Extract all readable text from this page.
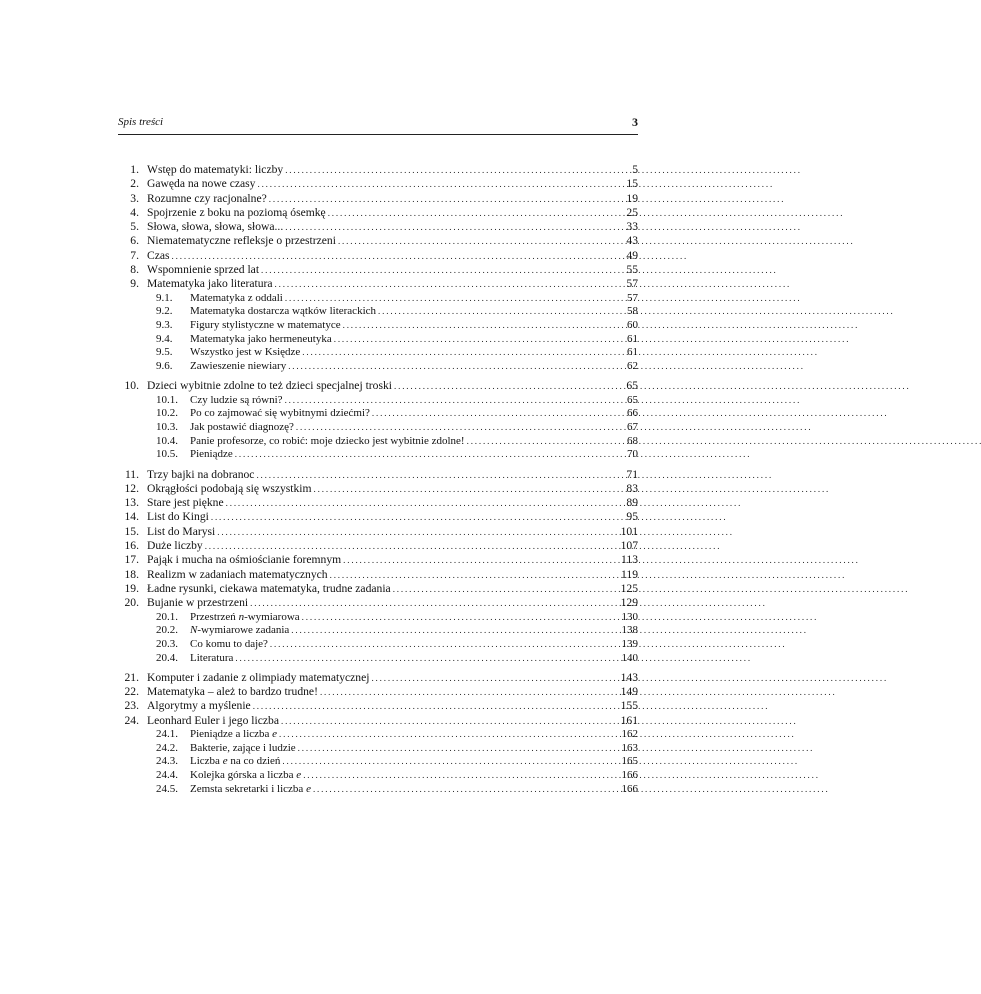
Spis treści	3
1. Wstęp do matematyki: liczby . . .	5
2. Gawęda na nowe czasy . . .	15
3. Rozumne czy racjonalne? . . .	19
4. Spojrzenie z boku na poziomą ósemkę . . .	25
5. Słowa, słowa, słowa, słowa... . . .	33
6. Niematematyczne refleksje o przestrzeni . . .	43
7. Czas . . .	49
8. Wspomnienie sprzed lat . . .	55
9. Matematyka jako literatura . . .	57
9.1.	Matematyka z oddali . . .	57
9.2.	Matematyka dostarcza wątków literackich . . .	58
9.3.	Figury stylistyczne w matematyce . . .	60
9.4.	Matematyka jako hermeneutyka . . .	61
9.5.	Wszystko jest w Księdze . . .	61
9.6.	Zawieszenie niewiary . . .	62
10. Dzieci wybitnie zdolne to też dzieci specjalnej troski . . .	65
10.1.	Czy ludzie są równi? . . .	65
10.2.	Po co zajmować się wybitnymi dziećmi? . . .	66
10.3.	Jak postawić diagnozę? . . .	67
10.4.	Panie profesorze, co robić: moje dziecko jest wybitnie zdolne! . . .	68
10.5.	Pieniądze . . .	70
11. Trzy bajki na dobranoc . . .	71
12. Okrągłości podobają się wszystkim . . .	83
13. Stare jest piękne . . .	89
14. List do Kingi . . .	95
15. List do Marysi . . .	101
16. Duże liczby . . .	107
17. Pająk i mucha na ośmiościanie foremnym . . .	113
18. Realizm w zadaniach matematycznych . . .	119
19. Ładne rysunki, ciekawa matematyka, trudne zadania . . .	125
20. Bujanie w przestrzeni . . .	129
20.1.	Przestrzeń n-wymiarowa . . .	130
20.2.	N-wymiarowe zadania . . .	138
20.3.	Co komu to daje? . . .	139
20.4.	Literatura . . .	140
21. Komputer i zadanie z olimpiady matematycznej . . .	143
22. Matematyka – ależ to bardzo trudne! . . .	149
23. Algorytmy a myślenie . . .	155
24. Leonhard Euler i jego liczba . . .	161
24.1.	Pieniądze a liczba e . . .	162
24.2.	Bakterie, zające i ludzie . . .	163
24.3.	Liczba e na co dzień . . .	165
24.4.	Kolejka górska a liczba e . . .	166
24.5.	Zemsta sekretarki i liczba e . . .	166
